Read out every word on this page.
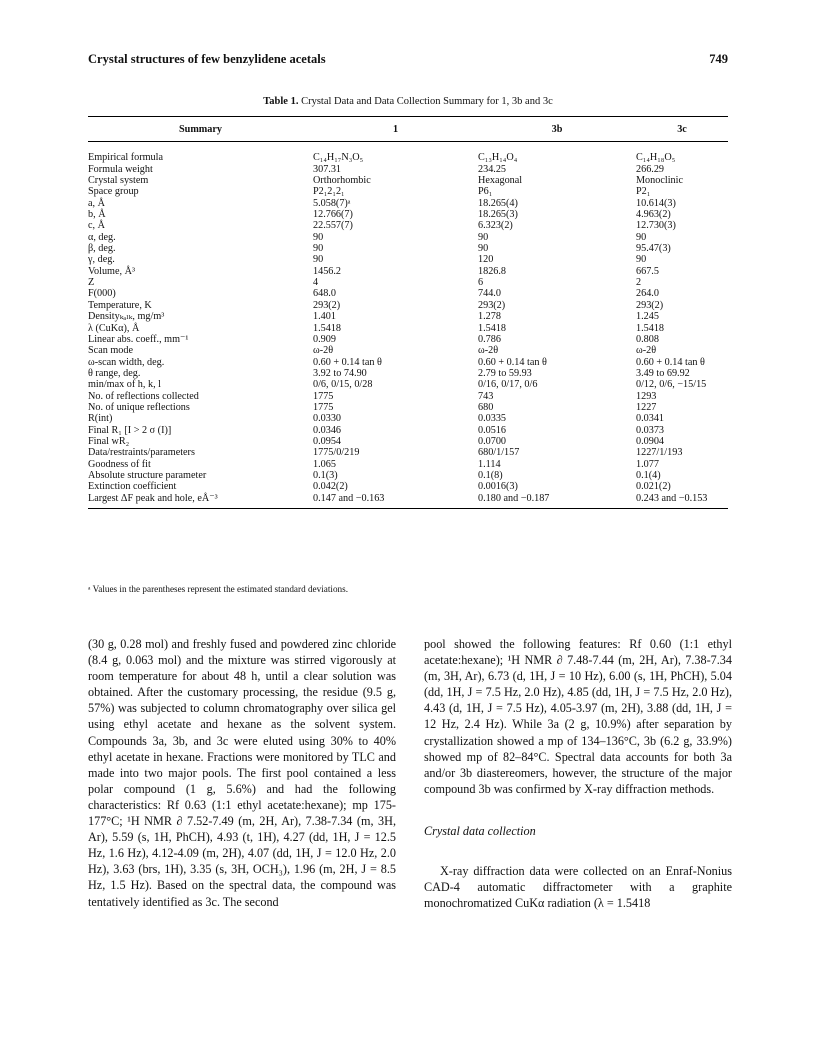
Crystal structures of few benzylidene acetals	749
Table 1. Crystal Data and Data Collection Summary for 1, 3b and 3c
Summary	1	3b	3c
Empirical formula	C₁₄H₁₇N₃O₅	C₁₃H₁₄O₄	C₁₄H₁₈O₅
Formula weight	307.31	234.25	266.29
Crystal system	Orthorhombic	Hexagonal	Monoclinic
Space group	P2₁2₁2₁	P6₁	P2₁
a, Å	5.058(7)ᵃ	18.265(4)	10.614(3)
b, Å	12.766(7)	18.265(3)	4.963(2)
c, Å	22.557(7)	6.323(2)	12.730(3)
α, deg.	90	90	90
β, deg.	90	90	95.47(3)
γ, deg.	90	120	90
Volume, Å³	1456.2	1826.8	667.5
Z	4	6	2
F(000)	648.0	744.0	264.0
Temperature, K	293(2)	293(2)	293(2)
Densityₖₐₗₖ, mg/m³	1.401	1.278	1.245
λ (CuKα), Å	1.5418	1.5418	1.5418
Linear abs. coeff., mm⁻¹	0.909	0.786	0.808
Scan mode	ω-2θ	ω-2θ	ω-2θ
ω-scan width, deg.	0.60 + 0.14 tan θ	0.60 + 0.14 tan θ	0.60 + 0.14 tan θ
θ range, deg.	3.92 to 74.90	2.79 to 59.93	3.49 to 69.92
min/max of h, k, l	0/6, 0/15, 0/28	0/16, 0/17, 0/6	0/12, 0/6, −15/15
No. of reflections collected	1775	743	1293
No. of unique reflections	1775	680	1227
R(int)	0.0330	0.0335	0.0341
Final R₁ [I > 2 σ (I)]	0.0346	0.0516	0.0373
Final wR₂	0.0954	0.0700	0.0904
Data/restraints/parameters	1775/0/219	680/1/157	1227/1/193
Goodness of fit	1.065	1.114	1.077
Absolute structure parameter	0.1(3)	0.1(8)	0.1(4)
Extinction coefficient	0.042(2)	0.0016(3)	0.021(2)
Largest ΔF peak and hole, eÅ⁻³	0.147 and −0.163	0.180 and −0.187	0.243 and −0.153
ᵃ Values in the parentheses represent the estimated standard deviations.

(30 g, 0.28 mol) and freshly fused and powdered zinc chloride (8.4 g, 0.063 mol) and the mixture was stirred vigorously at room temperature for about 48 h, until a clear solution was obtained. After the customary processing, the residue (9.5 g, 57%) was subjected to column chromatography over silica gel using ethyl acetate and hexane as the solvent system. Compounds 3a, 3b, and 3c were eluted using 30% to 40% ethyl acetate in hexane. Fractions were monitored by TLC and made into two major pools. The first pool contained a less polar compound (1 g, 5.6%) and had the following characteristics: Rf 0.63 (1:1 ethyl acetate:hexane); mp 175-177°C; ¹H NMR ∂ 7.52-7.49 (m, 2H, Ar), 7.38-7.34 (m, 3H, Ar), 5.59 (s, 1H, PhCH), 4.93 (t, 1H), 4.27 (dd, 1H, J = 12.5 Hz, 1.6 Hz), 4.12-4.09 (m, 2H), 4.07 (dd, 1H, J = 12.0 Hz, 2.0 Hz), 3.63 (brs, 1H), 3.35 (s, 3H, OCH₃), 1.96 (m, 2H, J = 8.5 Hz, 1.5 Hz). Based on the spectral data, the compound was tentatively identified as 3c. The second

pool showed the following features: Rf 0.60 (1:1 ethyl acetate:hexane); ¹H NMR ∂ 7.48-7.44 (m, 2H, Ar), 7.38-7.34 (m, 3H, Ar), 6.73 (d, 1H, J = 10 Hz), 6.00 (s, 1H, PhCH), 5.04 (dd, 1H, J = 7.5 Hz, 2.0 Hz), 4.85 (dd, 1H, J = 7.5 Hz, 2.0 Hz), 4.43 (d, 1H, J = 7.5 Hz), 4.05-3.97 (m, 2H), 3.88 (dd, 1H, J = 12 Hz, 2.4 Hz). While 3a (2 g, 10.9%) after separation by crystallization showed a mp of 134–136°C, 3b (6.2 g, 33.9%) showed mp of 82–84°C. Spectral data accounts for both 3a and/or 3b diastereomers, however, the structure of the major compound 3b was confirmed by X-ray diffraction methods.

Crystal data collection

X-ray diffraction data were collected on an Enraf-Nonius CAD-4 automatic diffractometer with a graphite monochromatized CuKα radiation (λ = 1.5418
